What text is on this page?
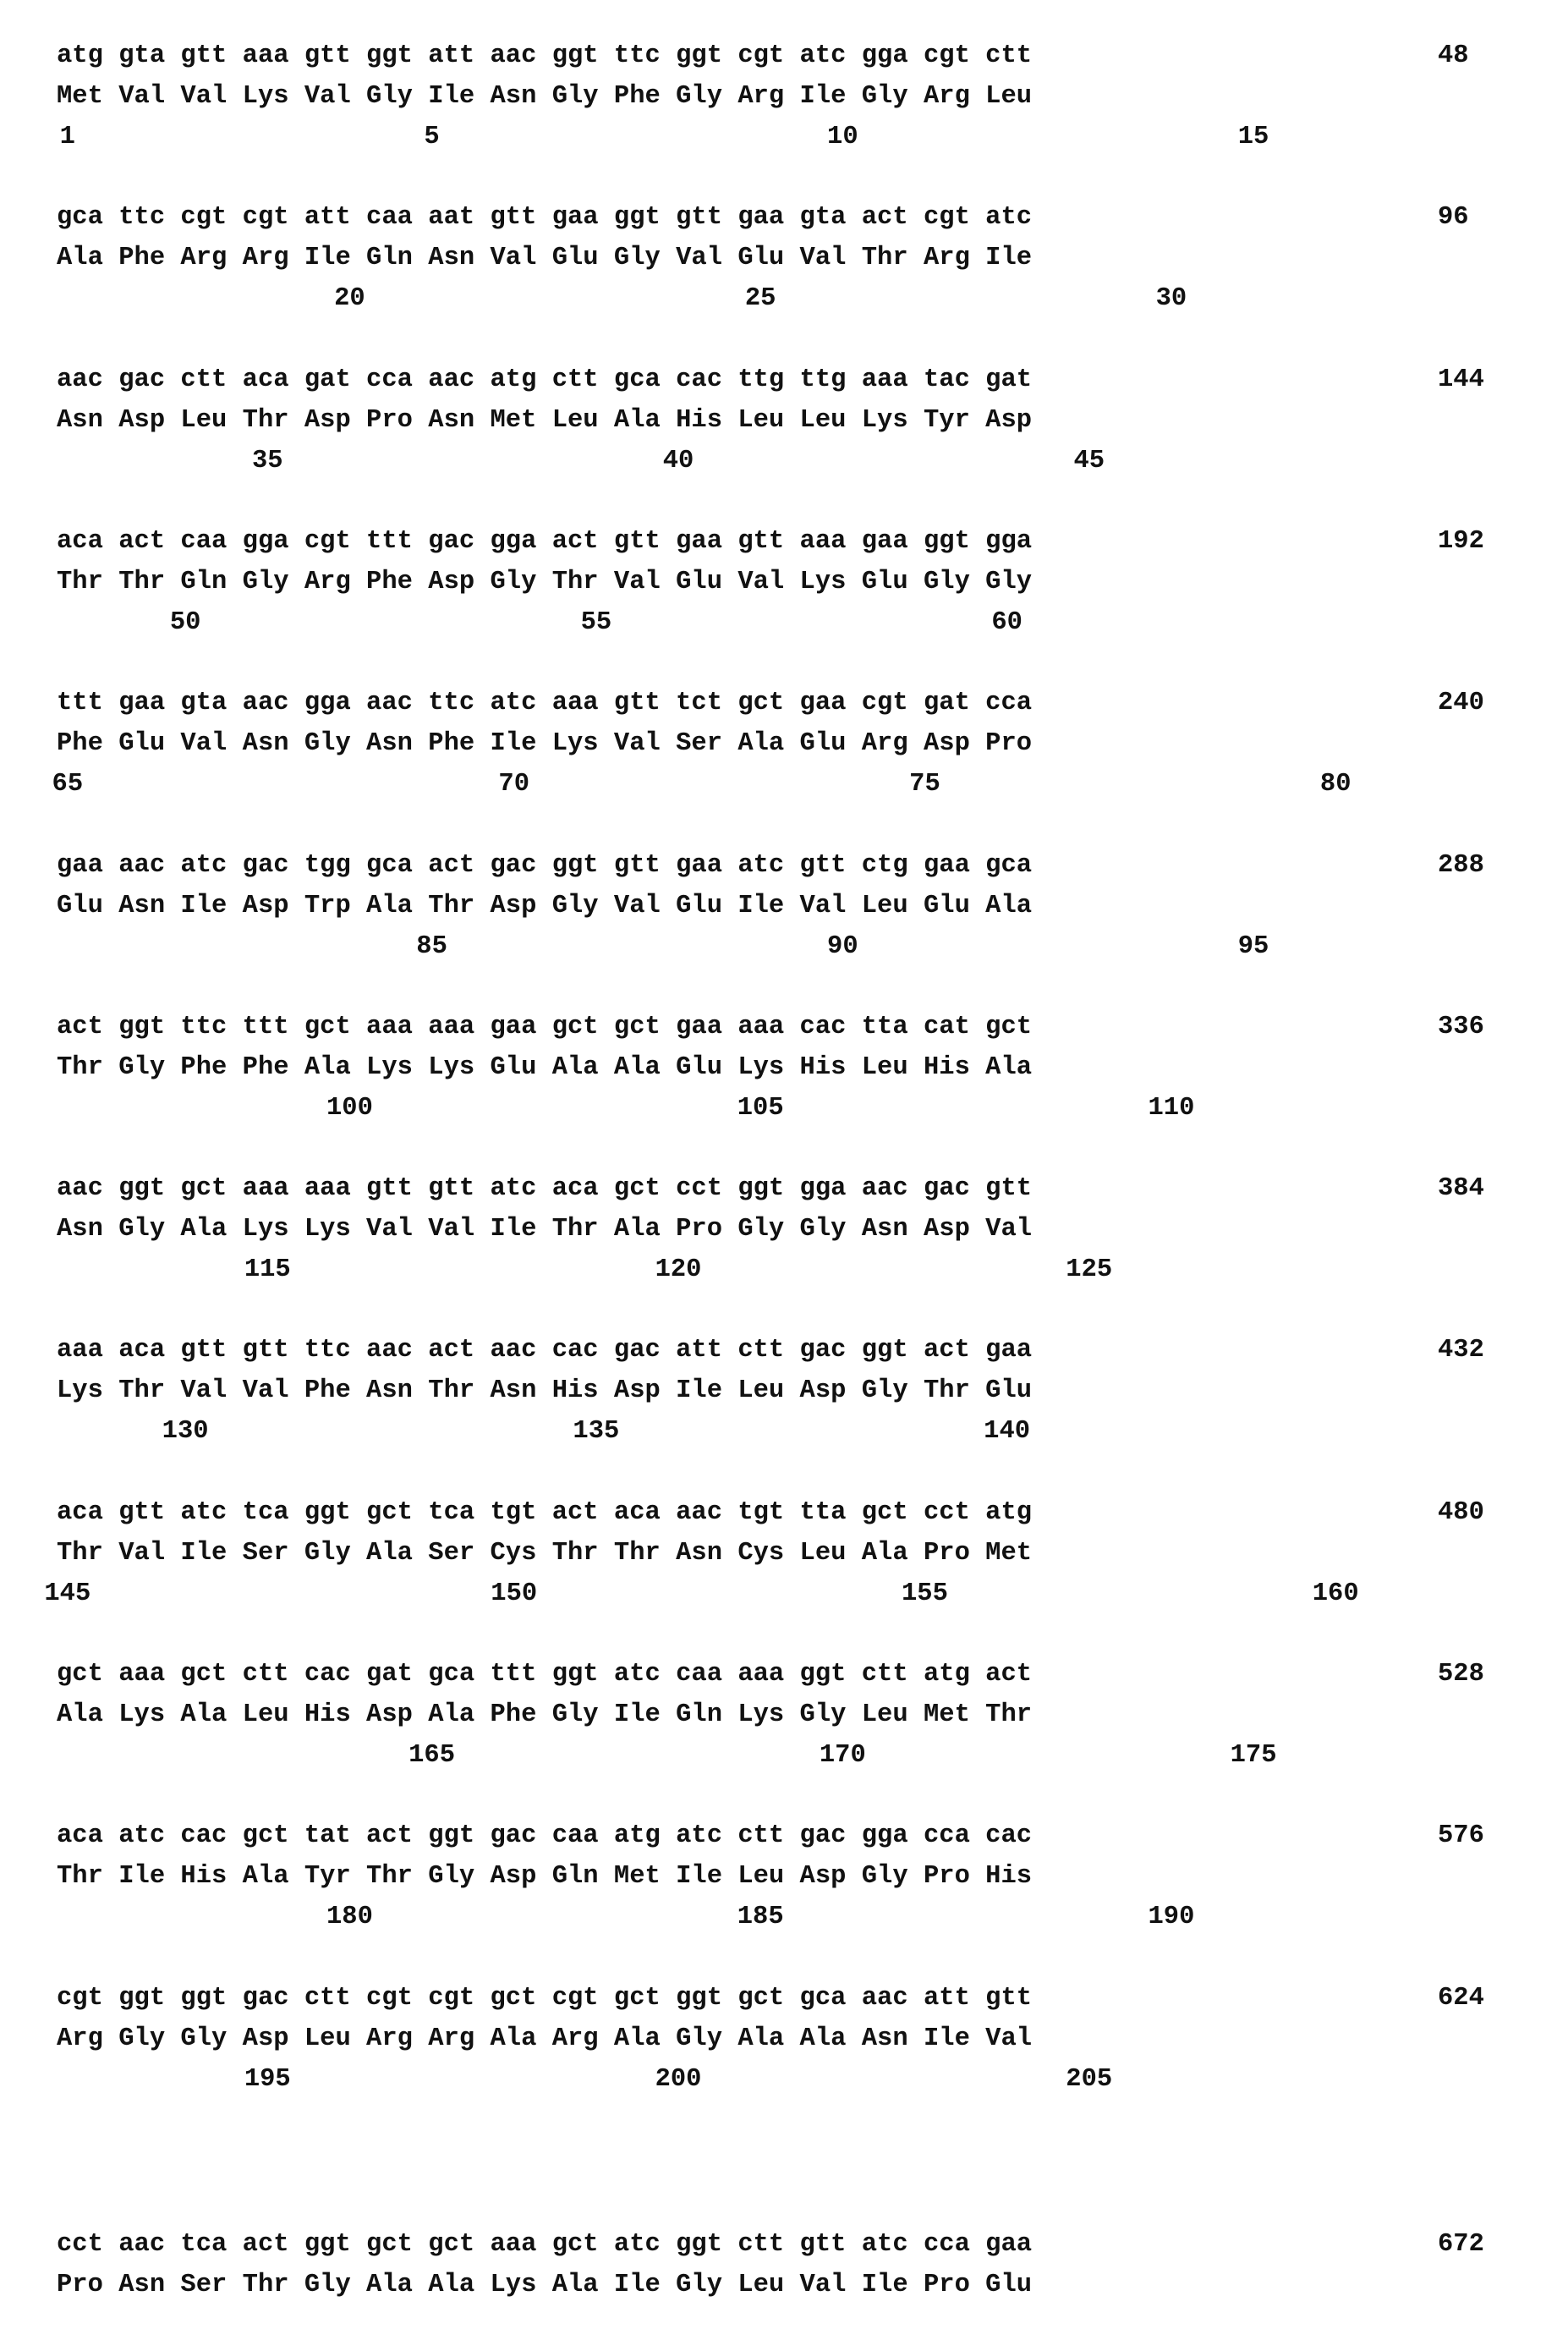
atg gta gtt aaa gtt ggt att aac ggt ttc ggt cgt atc gga cgt ctt	48
Met Val Val Lys Val Gly Ile Asn Gly Phe Gly Arg Ile Gly Arg Leu
1	5	10	15
gca ttc cgt cgt att caa aat gtt gaa ggt gtt gaa gta act cgt atc	96
Ala Phe Arg Arg Ile Gln Asn Val Glu Gly Val Glu Val Thr Arg Ile
20	25	30
aac gac ctt aca gat cca aac atg ctt gca cac ttg ttg aaa tac gat	144
Asn Asp Leu Thr Asp Pro Asn Met Leu Ala His Leu Leu Lys Tyr Asp
35	40	45
aca act caa gga cgt ttt gac gga act gtt gaa gtt aaa gaa ggt gga	192
Thr Thr Gln Gly Arg Phe Asp Gly Thr Val Glu Val Lys Glu Gly Gly
50	55	60
ttt gaa gta aac gga aac ttc atc aaa gtt tct gct gaa cgt gat cca	240
Phe Glu Val Asn Gly Asn Phe Ile Lys Val Ser Ala Glu Arg Asp Pro
65	70	75	80
gaa aac atc gac tgg gca act gac ggt gtt gaa atc gtt ctg gaa gca	288
Glu Asn Ile Asp Trp Ala Thr Asp Gly Val Glu Ile Val Leu Glu Ala
85	90	95
act ggt ttc ttt gct aaa aaa gaa gct gct gaa aaa cac tta cat gct	336
Thr Gly Phe Phe Ala Lys Lys Glu Ala Ala Glu Lys His Leu His Ala
100	105	110
aac ggt gct aaa aaa gtt gtt atc aca gct cct ggt gga aac gac gtt	384
Asn Gly Ala Lys Lys Val Val Ile Thr Ala Pro Gly Gly Asn Asp Val
115	120	125
aaa aca gtt gtt ttc aac act aac cac gac att ctt gac ggt act gaa	432
Lys Thr Val Val Phe Asn Thr Asn His Asp Ile Leu Asp Gly Thr Glu
130	135	140
aca gtt atc tca ggt gct tca tgt act aca aac tgt tta gct cct atg	480
Thr Val Ile Ser Gly Ala Ser Cys Thr Thr Asn Cys Leu Ala Pro Met
145	150	155	160
gct aaa gct ctt cac gat gca ttt ggt atc caa aaa ggt ctt atg act	528
Ala Lys Ala Leu His Asp Ala Phe Gly Ile Gln Lys Gly Leu Met Thr
165	170	175
aca atc cac gct tat act ggt gac caa atg atc ctt gac gga cca cac	576
Thr Ile His Ala Tyr Thr Gly Asp Gln Met Ile Leu Asp Gly Pro His
180	185	190
cgt ggt ggt gac ctt cgt cgt gct cgt gct ggt gct gca aac att gtt	624
Arg Gly Gly Asp Leu Arg Arg Ala Arg Ala Gly Ala Ala Asn Ile Val
195	200	205
cct aac tca act ggt gct gct aaa gct atc ggt ctt gtt atc cca gaa	672
Pro Asn Ser Thr Gly Ala Ala Lys Ala Ile Gly Leu Val Ile Pro Glu
